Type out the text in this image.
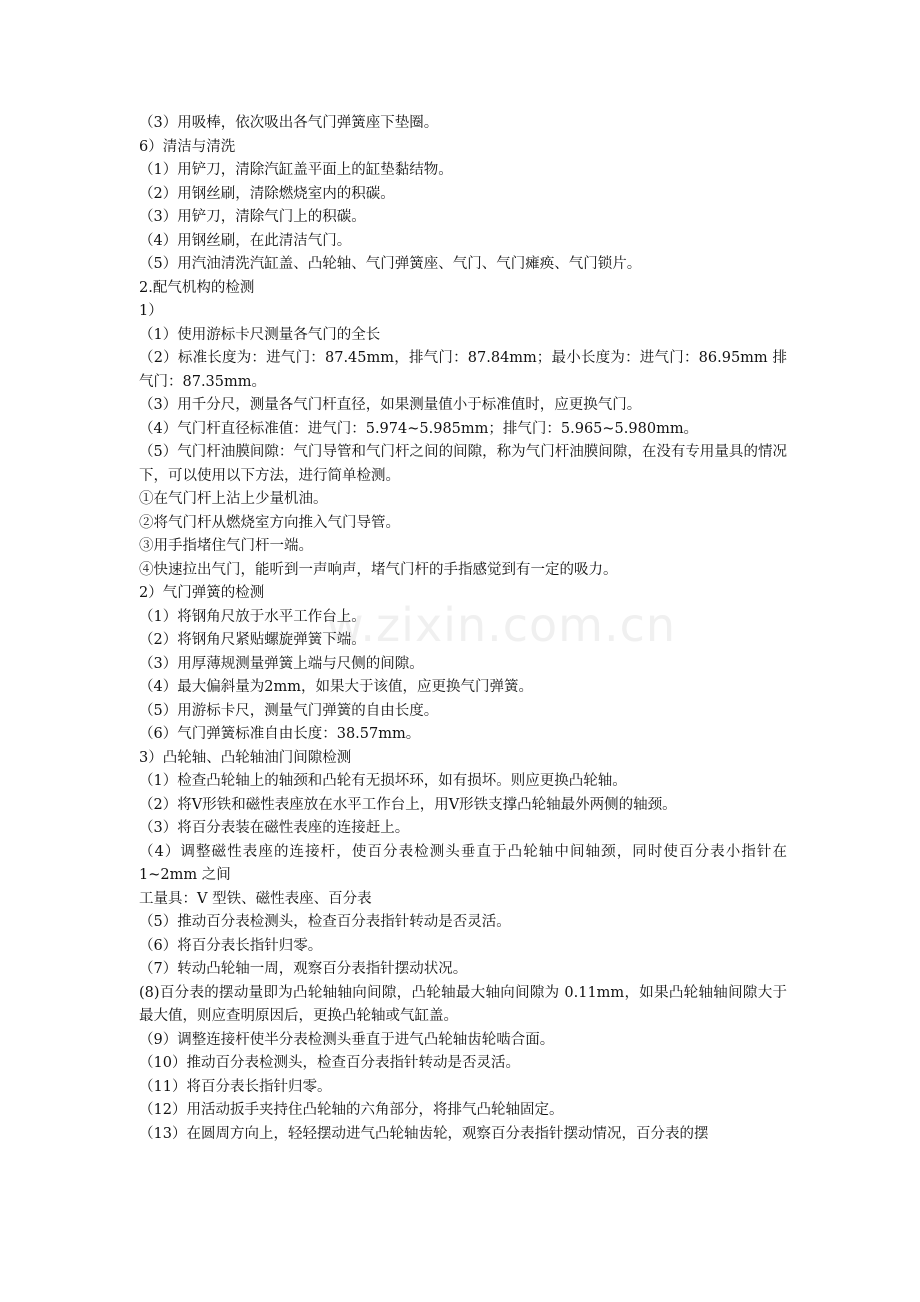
w.zixin.com.cn
（3）用吸棒，依次吸出各气门弹簧座下垫圈。
6）清洁与清洗
（1）用铲刀，清除汽缸盖平面上的缸垫黏结物。
（2）用钢丝刷，清除燃烧室内的积碳。
（3）用铲刀，清除气门上的积碳。
（4）用钢丝刷，在此清洁气门。
（5）用汽油清洗汽缸盖、凸轮轴、气门弹簧座、气门、气门瘫痪、气门锁片。
2.配气机构的检测
1）
（1）使用游标卡尺测量各气门的全长
（2）标准长度为：进气门：87.45mm，排气门：87.84mm；最小长度为：进气门：86.95mm 排气门：87.35mm。
（3）用千分尺，测量各气门杆直径，如果测量值小于标准值时，应更换气门。
（4）气门杆直径标准值：进气门：5.974~5.985mm；排气门：5.965~5.980mm。
（5）气门杆油膜间隙：气门导管和气门杆之间的间隙，称为气门杆油膜间隙，在没有专用量具的情况下，可以使用以下方法，进行简单检测。
①在气门杆上沾上少量机油。
②将气门杆从燃烧室方向推入气门导管。
③用手指堵住气门杆一端。
④快速拉出气门，能听到一声响声，堵气门杆的手指感觉到有一定的吸力。
2）气门弹簧的检测
（1）将钢角尺放于水平工作台上。
（2）将钢角尺紧贴螺旋弹簧下端。
（3）用厚薄规测量弹簧上端与尺侧的间隙。
（4）最大偏斜量为2mm，如果大于该值，应更换气门弹簧。
（5）用游标卡尺，测量气门弹簧的自由长度。
（6）气门弹簧标准自由长度：38.57mm。
3）凸轮轴、凸轮轴油门间隙检测
（1）检查凸轮轴上的轴颈和凸轮有无损坏环，如有损坏。则应更换凸轮轴。
（2）将V形铁和磁性表座放在水平工作台上，用V形铁支撑凸轮轴最外两侧的轴颈。
（3）将百分表装在磁性表座的连接赶上。
（4）调整磁性表座的连接杆，使百分表检测头垂直于凸轮轴中间轴颈，同时使百分表小指针在 1~2mm 之间
工量具：V 型铁、磁性表座、百分表
（5）推动百分表检测头，检查百分表指针转动是否灵活。
（6）将百分表长指针归零。
（7）转动凸轮轴一周，观察百分表指针摆动状况。
(8)百分表的摆动量即为凸轮轴轴向间隙，凸轮轴最大轴向间隙为 0.11mm，如果凸轮轴轴间隙大于最大值，则应查明原因后，更换凸轮轴或气缸盖。
（9）调整连接杆使半分表检测头垂直于进气凸轮轴齿轮啮合面。
（10）推动百分表检测头，检查百分表指针转动是否灵活。
（11）将百分表长指针归零。
（12）用活动扳手夹持住凸轮轴的六角部分，将排气凸轮轴固定。
（13）在圆周方向上，轻轻摆动进气凸轮轴齿轮，观察百分表指针摆动情况，百分表的摆
